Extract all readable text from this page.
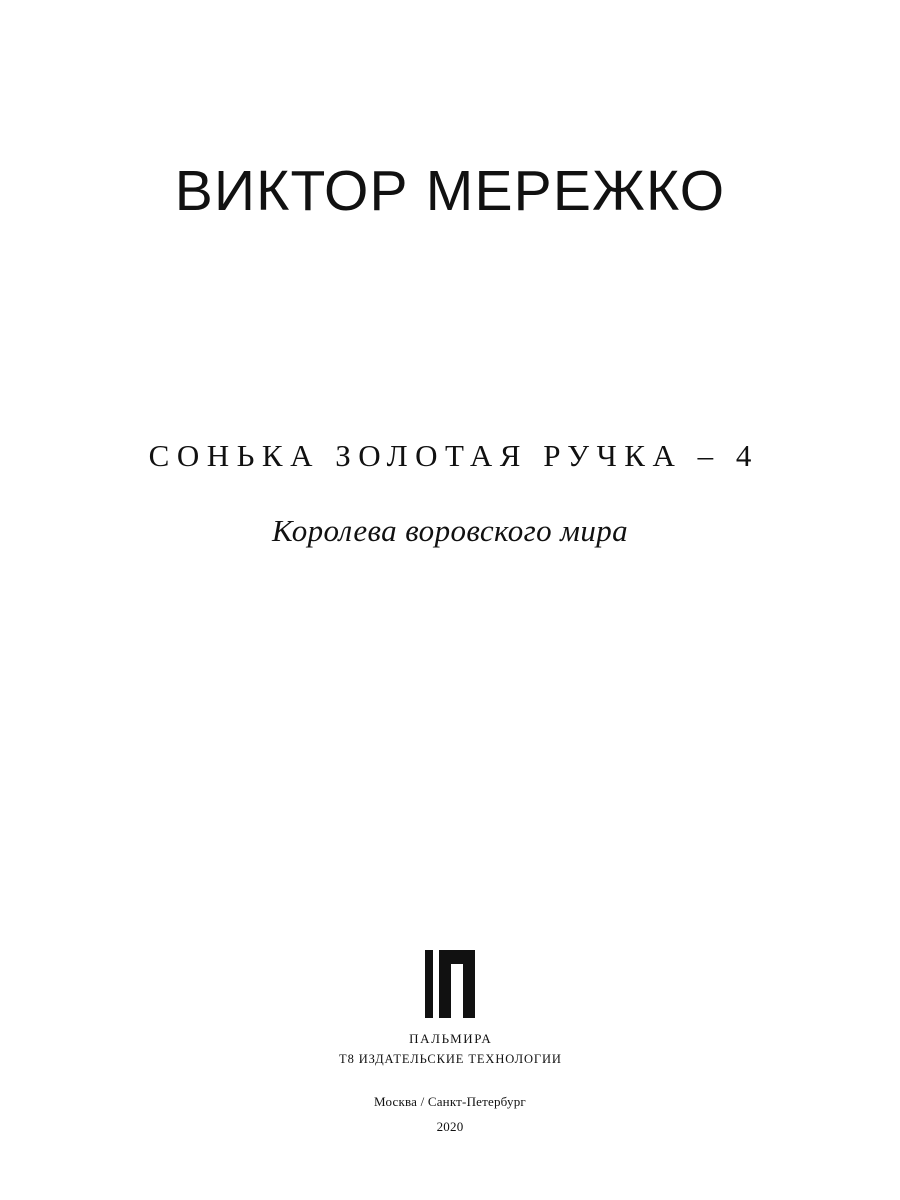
ВИКТОР МЕРЕЖКО
СОНЬКА ЗОЛОТАЯ РУЧКА – 4
Королева воровского мира
ПАЛЬМИРА
Т8 ИЗДАТЕЛЬСКИЕ ТЕХНОЛОГИИ
Москва / Санкт-Петербург
2020
